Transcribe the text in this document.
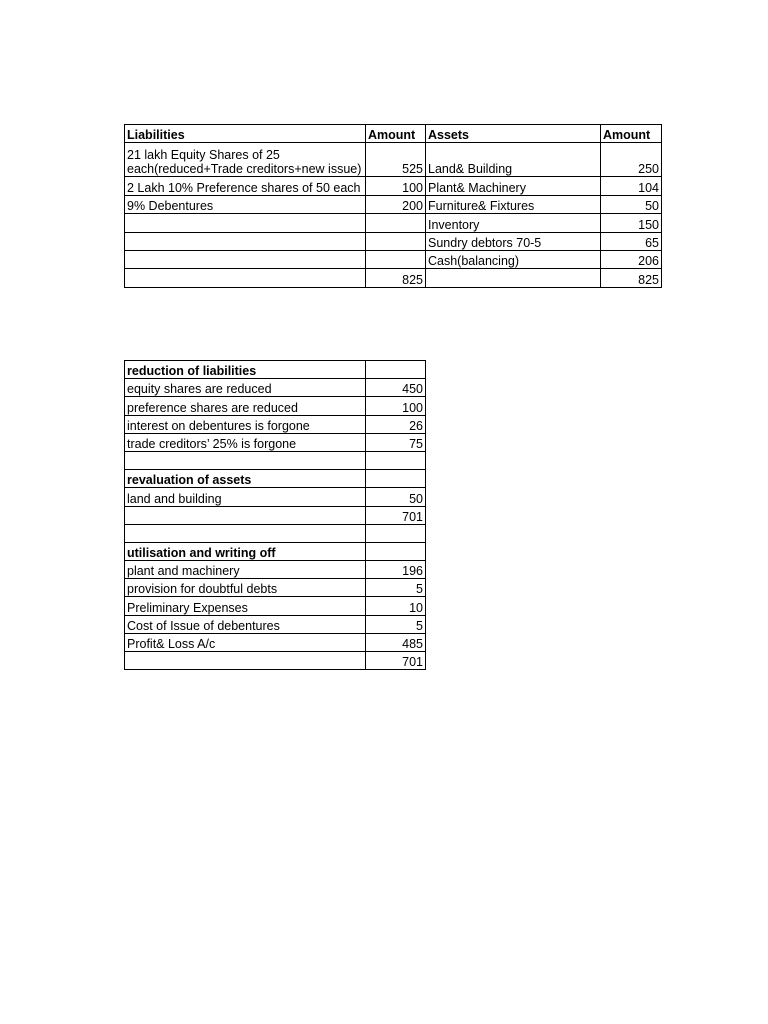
Liabilities	Amount	Assets	Amount
21 lakh Equity Shares of 25 each(reduced+Trade creditors+new issue)	525	Land& Building	250
2 Lakh 10% Preference shares of 50 each	100	Plant& Machinery	104
9% Debentures	200	Furniture& Fixtures	50
		Inventory	150
		Sundry debtors 70-5	65
		Cash(balancing)	206
	825		825
reduction of liabilities	
equity shares are reduced	450
preference shares are reduced	100
interest on debentures is forgone	26
trade creditors’ 25% is forgone	75

revaluation of assets	
land and building	50
	701

utilisation and writing off	
plant and machinery	196
provision for doubtful debts	5
Preliminary Expenses	10
Cost of Issue of debentures	5
Profit& Loss A/c	485
	701
